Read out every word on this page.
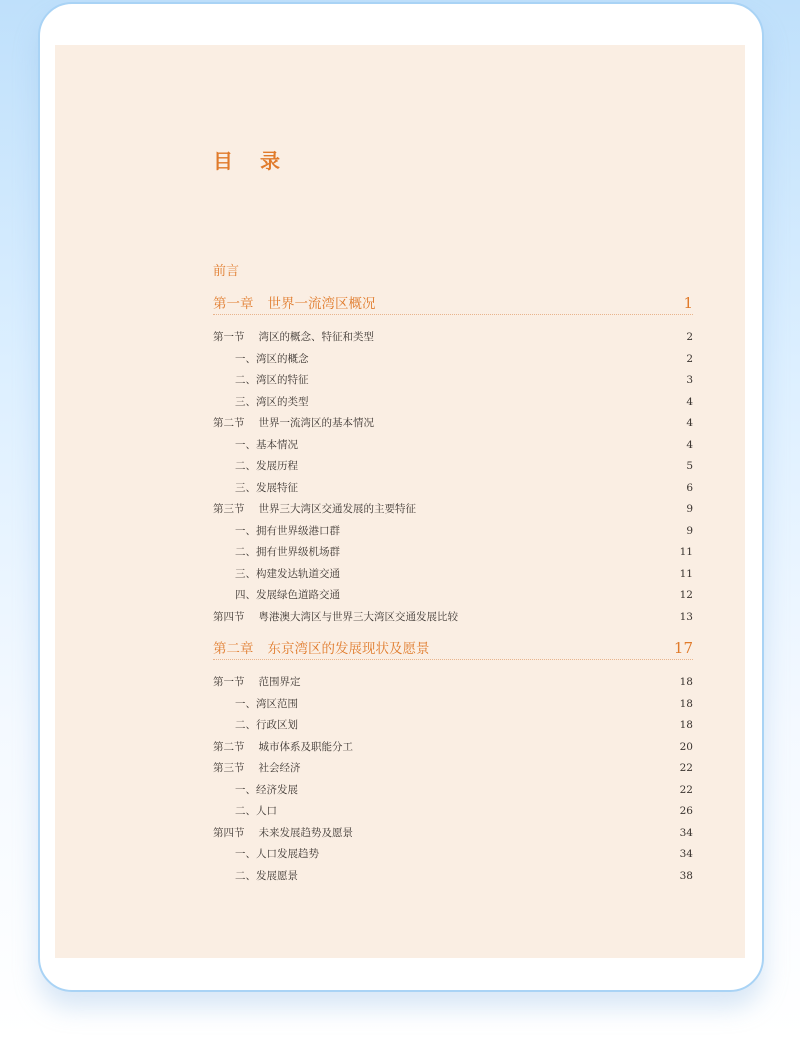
目 录
前言
第一章 世界一流湾区概况	1
第一节 湾区的概念、特征和类型	2
一、湾区的概念	2
二、湾区的特征	3
三、湾区的类型	4
第二节 世界一流湾区的基本情况	4
一、基本情况	4
二、发展历程	5
三、发展特征	6
第三节 世界三大湾区交通发展的主要特征	9
一、拥有世界级港口群	9
二、拥有世界级机场群	11
三、构建发达轨道交通	11
四、发展绿色道路交通	12
第四节 粤港澳大湾区与世界三大湾区交通发展比较	13
第二章 东京湾区的发展现状及愿景	17
第一节 范围界定	18
一、湾区范围	18
二、行政区划	18
第二节 城市体系及职能分工	20
第三节 社会经济	22
一、经济发展	22
二、人口	26
第四节 未来发展趋势及愿景	34
一、人口发展趋势	34
二、发展愿景	38
